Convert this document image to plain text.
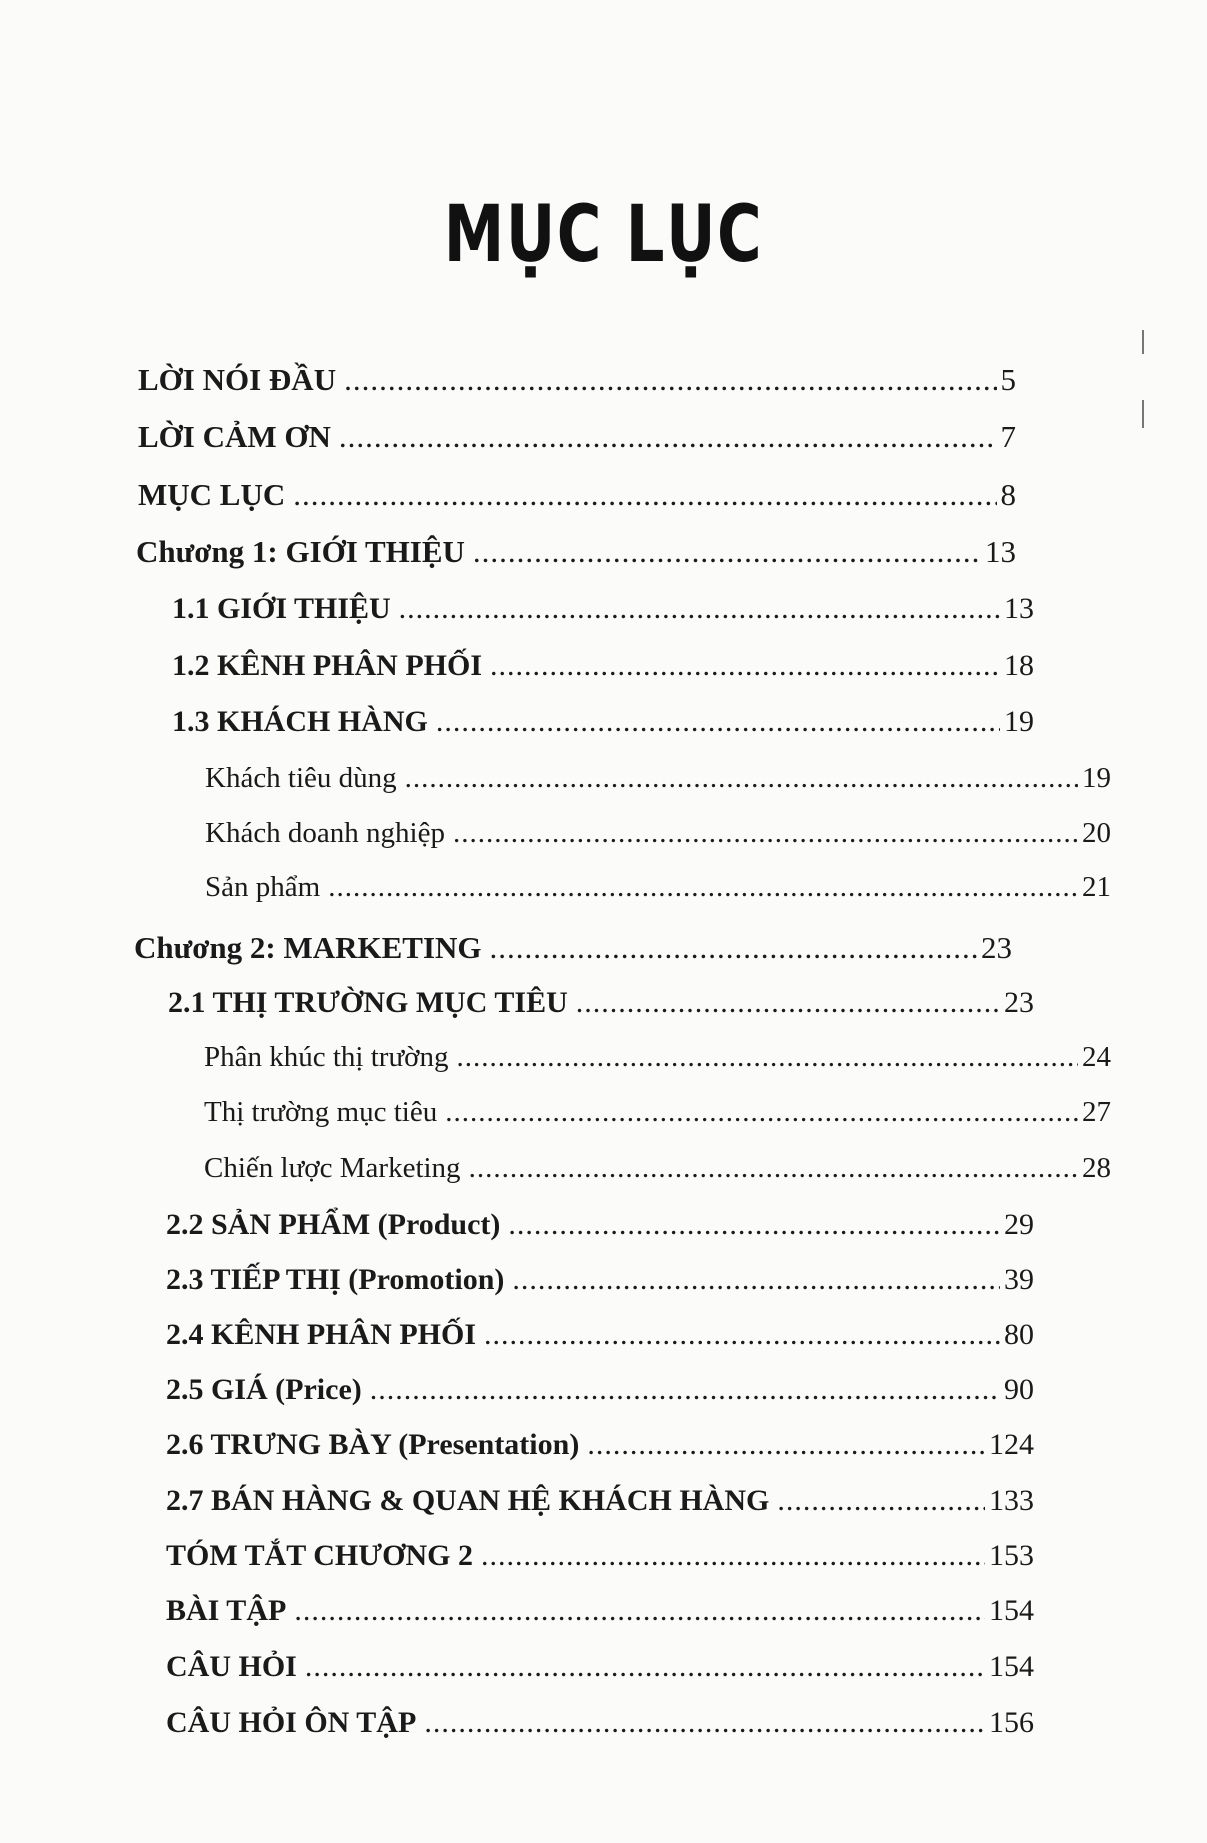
MỤC LỤC
LỜI NÓI ĐẦU .....	5
LỜI CẢM ƠN .....	7
MỤC LỤC .....	8
Chương 1: GIỚI THIỆU .....	13
1.1 GIỚI THIỆU .....	13
1.2 KÊNH PHÂN PHỐI .....	18
1.3 KHÁCH HÀNG .....	19
Khách tiêu dùng .....	19
Khách doanh nghiệp .....	20
Sản phẩm .....	21
Chương 2: MARKETING .....	23
2.1 THỊ TRƯỜNG MỤC TIÊU .....	23
Phân khúc thị trường .....	24
Thị trường mục tiêu .....	27
Chiến lược Marketing .....	28
2.2 SẢN PHẨM (Product) .....	29
2.3 TIẾP THỊ (Promotion) .....	39
2.4 KÊNH PHÂN PHỐI .....	80
2.5 GIÁ (Price) .....	90
2.6 TRƯNG BÀY (Presentation) .....	124
2.7 BÁN HÀNG & QUAN HỆ KHÁCH HÀNG .....	133
TÓM TẮT CHƯƠNG 2 .....	153
BÀI TẬP .....	154
CÂU HỎI .....	154
CÂU HỎI ÔN TẬP .....	156
